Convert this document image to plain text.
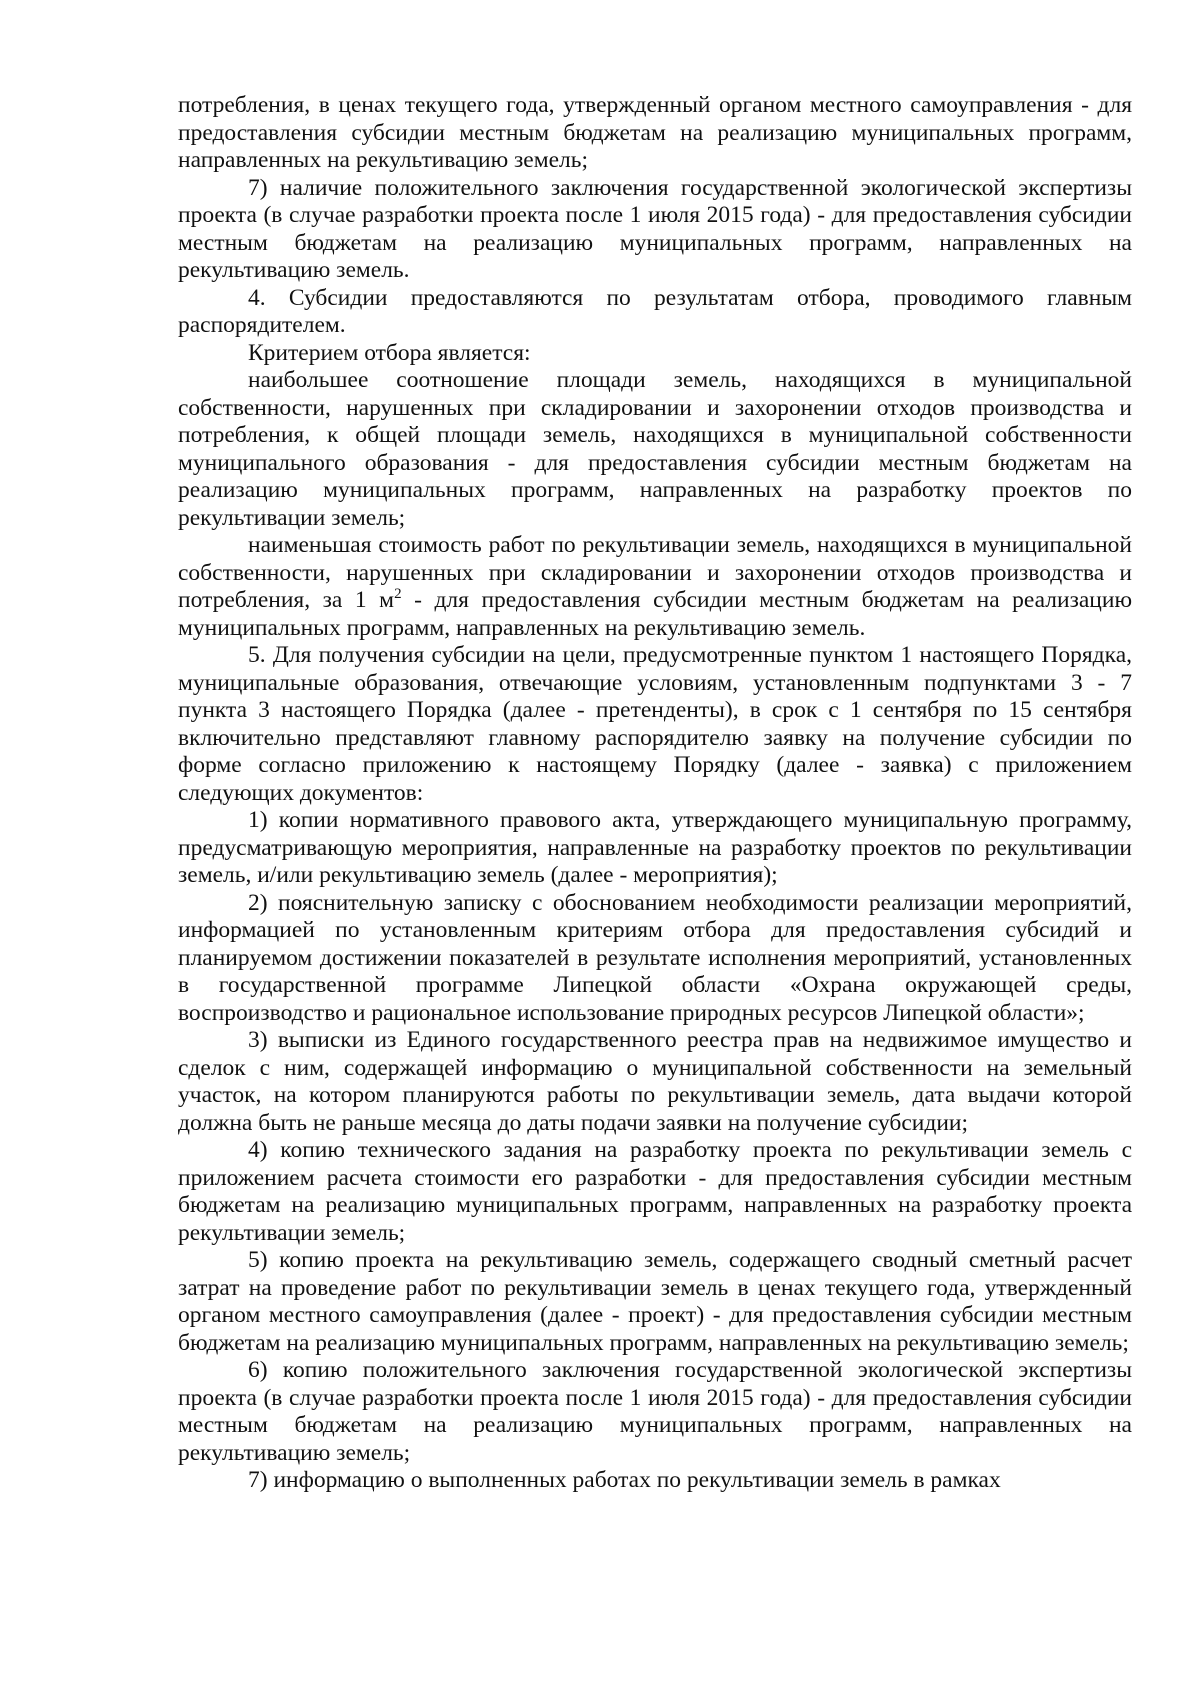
потребления, в ценах текущего года, утвержденный органом местного самоуправления - для предоставления субсидии местным бюджетам на реализацию муниципальных программ, направленных на рекультивацию земель;

7) наличие положительного заключения государственной экологической экспертизы проекта (в случае разработки проекта после 1 июля 2015 года) - для предоставления субсидии местным бюджетам на реализацию муниципальных программ, направленных на рекультивацию земель.

4. Субсидии предоставляются по результатам отбора, проводимого главным распорядителем.

Критерием отбора является:

наибольшее соотношение площади земель, находящихся в муниципальной собственности, нарушенных при складировании и захоронении отходов производства и потребления, к общей площади земель, находящихся в муниципальной собственности муниципального образования - для предоставления субсидии местным бюджетам на реализацию муниципальных программ, направленных на разработку проектов по рекультивации земель;

наименьшая стоимость работ по рекультивации земель, находящихся в муниципальной собственности, нарушенных при складировании и захоронении отходов производства и потребления, за 1 $м^2$ - для предоставления субсидии местным бюджетам на реализацию муниципальных программ, направленных на рекультивацию земель.

5. Для получения субсидии на цели, предусмотренные пунктом 1 настоящего Порядка, муниципальные образования, отвечающие условиям, установленным подпунктами 3 - 7 пункта 3 настоящего Порядка (далее - претенденты), в срок с 1 сентября по 15 сентября включительно представляют главному распорядителю заявку на получение субсидии по форме согласно приложению к настоящему Порядку (далее - заявка) с приложением следующих документов:

1) копии нормативного правового акта, утверждающего муниципальную программу, предусматривающую мероприятия, направленные на разработку проектов по рекультивации земель, и/или рекультивацию земель (далее - мероприятия);

2) пояснительную записку с обоснованием необходимости реализации мероприятий, информацией по установленным критериям отбора для предоставления субсидий и планируемом достижении показателей в результате исполнения мероприятий, установленных в государственной программе Липецкой области «Охрана окружающей среды, воспроизводство и рациональное использование природных ресурсов Липецкой области»;

3) выписки из Единого государственного реестра прав на недвижимое имущество и сделок с ним, содержащей информацию о муниципальной собственности на земельный участок, на котором планируются работы по рекультивации земель, дата выдачи которой должна быть не раньше месяца до даты подачи заявки на получение субсидии;

4) копию технического задания на разработку проекта по рекультивации земель с приложением расчета стоимости его разработки - для предоставления субсидии местным бюджетам на реализацию муниципальных программ, направленных на разработку проекта рекультивации земель;

5) копию проекта на рекультивацию земель, содержащего сводный сметный расчет затрат на проведение работ по рекультивации земель в ценах текущего года, утвержденный органом местного самоуправления (далее - проект) - для предоставления субсидии местным бюджетам на реализацию муниципальных программ, направленных на рекультивацию земель;

6) копию положительного заключения государственной экологической экспертизы проекта (в случае разработки проекта после 1 июля 2015 года) - для предоставления субсидии местным бюджетам на реализацию муниципальных программ, направленных на рекультивацию земель;

7) информацию о выполненных работах по рекультивации земель в рамках
